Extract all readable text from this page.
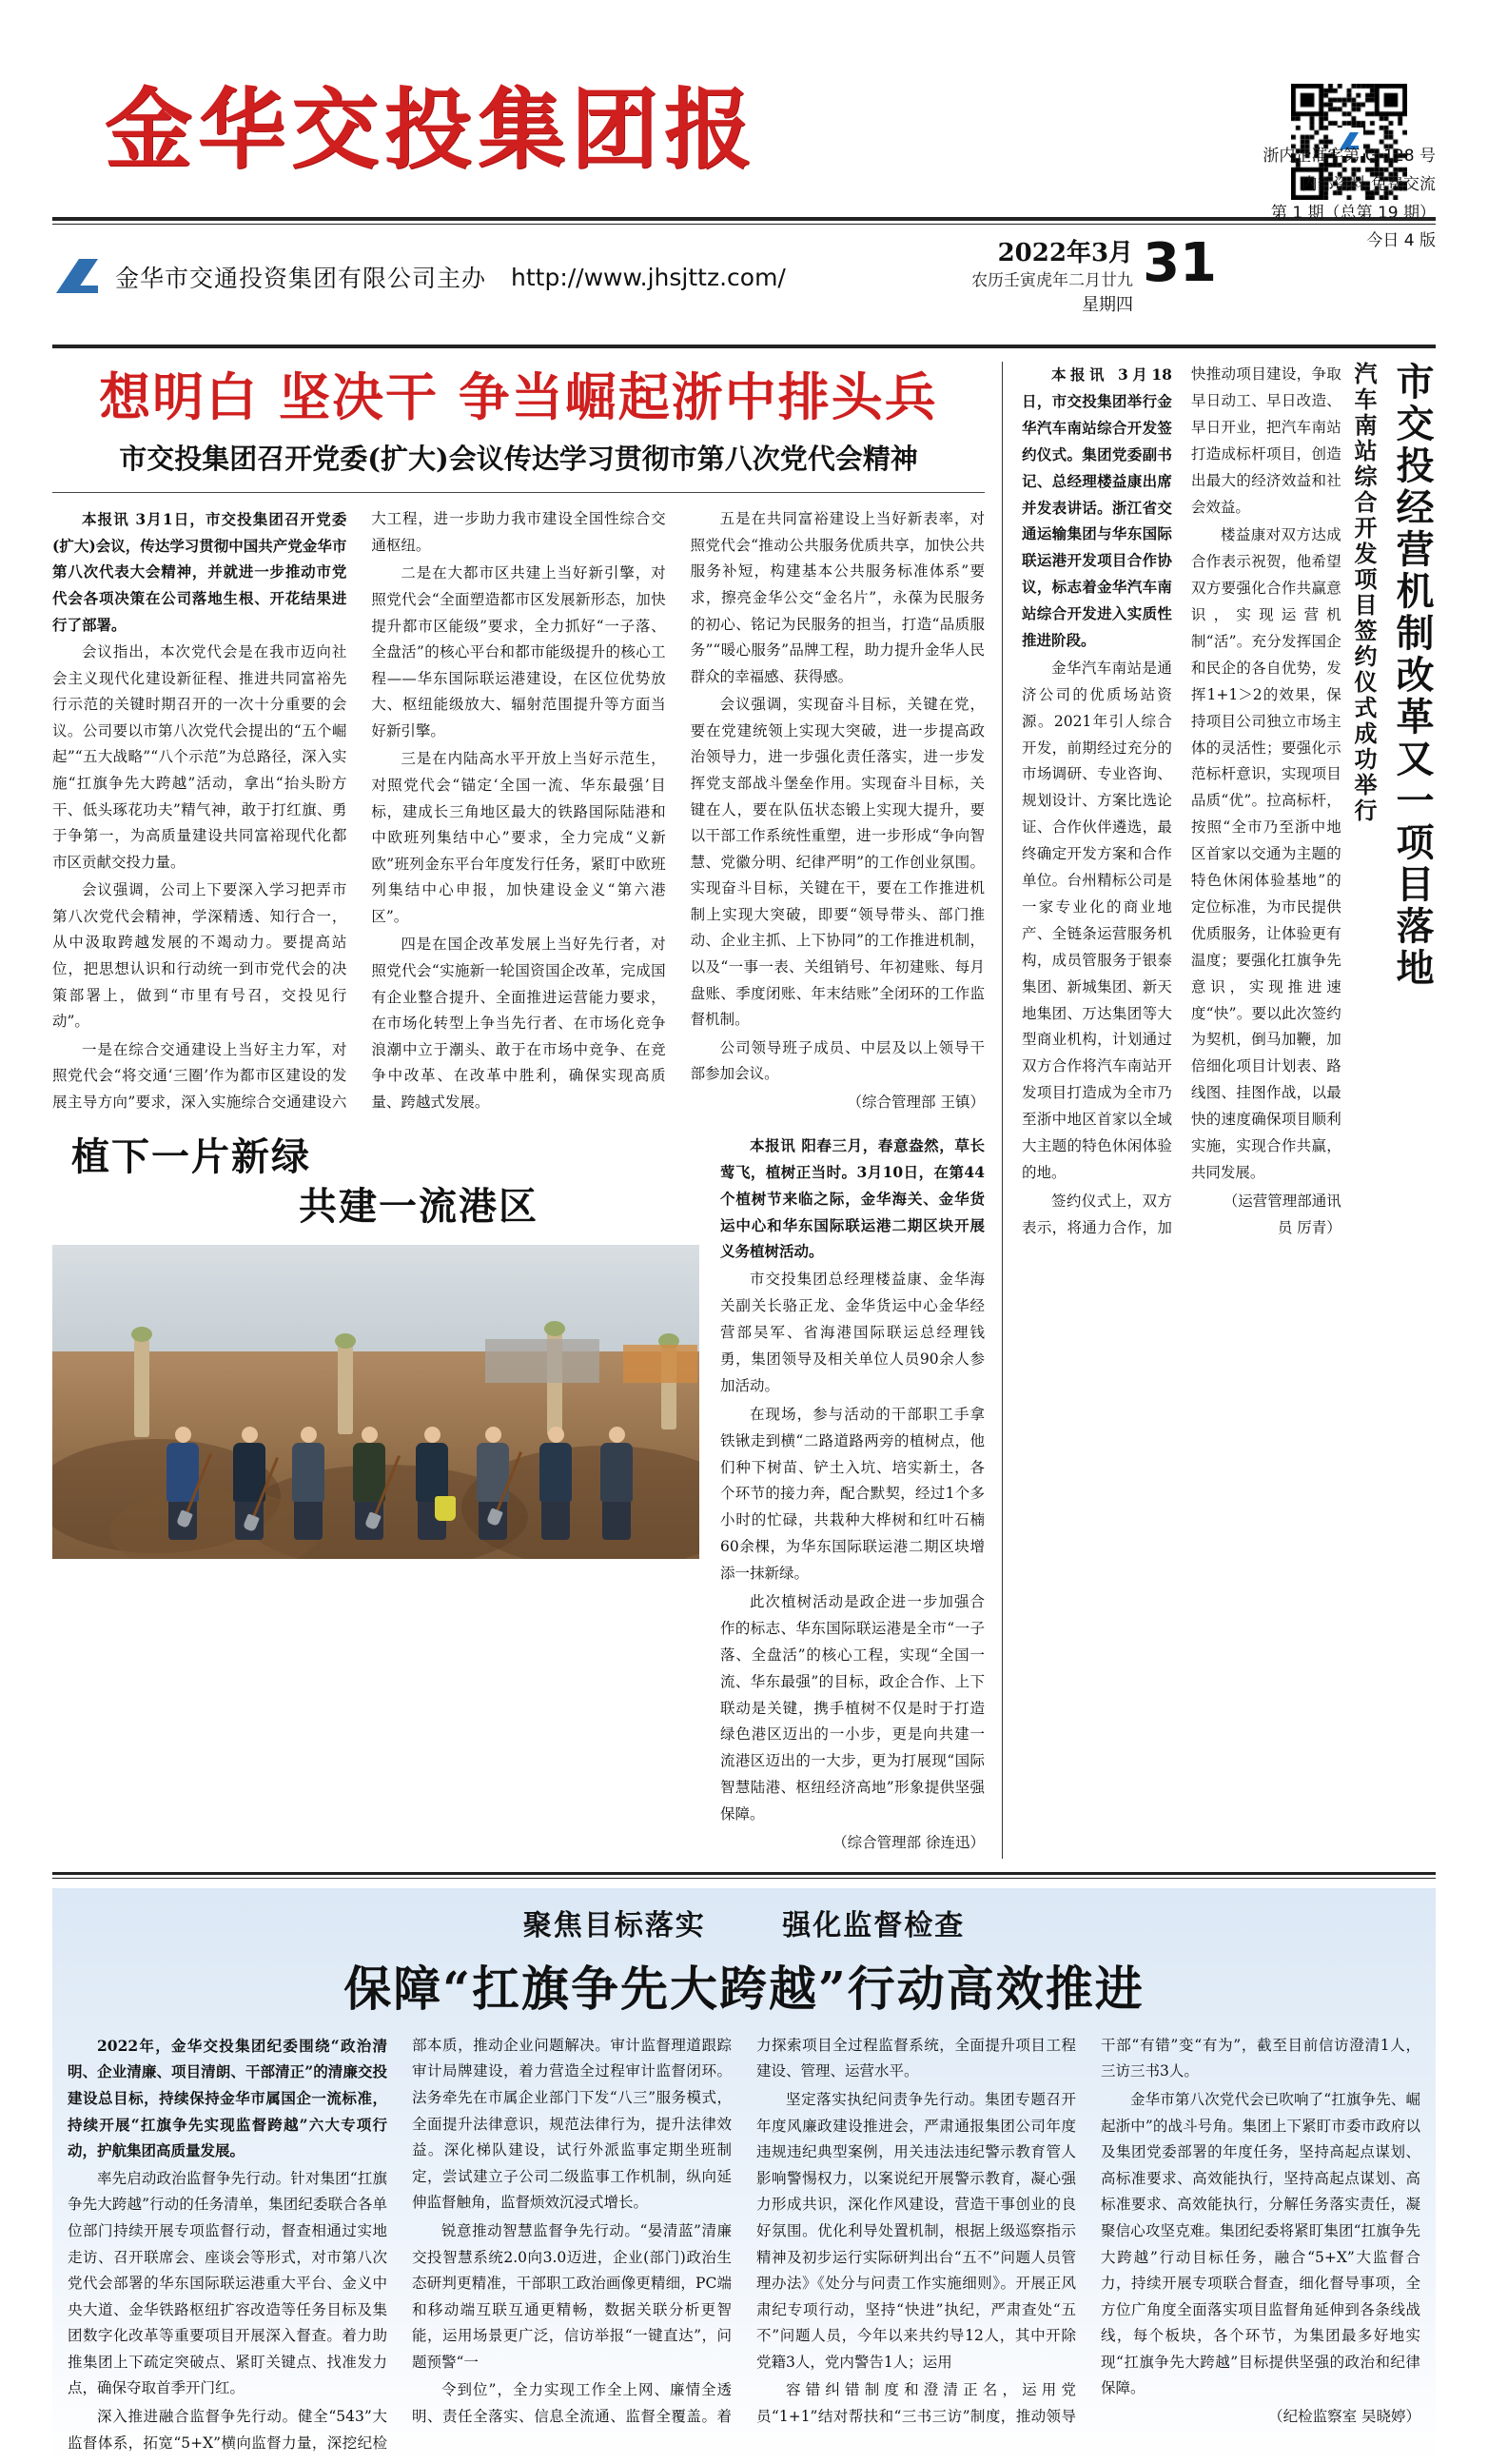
金华交投集团报
金华市交通投资集团有限公司主办 http://www.jhsjttz.com/
2022年3月
农历壬寅虎年二月廿九
星期四
31
浙内企准字第 G-128 号
内部资料 免费交流
第 1 期（总第 19 期）
今日 4 版
想明白 坚决干 争当崛起浙中排头兵
市交投集团召开党委(扩大)会议传达学习贯彻市第八次党代会精神

本报讯 3月1日，市交投集团召开党委(扩大)会议，传达学习贯彻中国共产党金华市第八次代表大会精神，并就进一步推动市党代会各项决策在公司落地生根、开花结果进行了部署。

会议指出，本次党代会是在我市迈向社会主义现代化建设新征程、推进共同富裕先行示范的关键时期召开的一次十分重要的会议。公司要以市第八次党代会提出的“五个崛起”“五大战略”“八个示范”为总路径，深入实施“扛旗争先大跨越”活动，拿出“抬头盼方干、低头琢花功夫”精气神，敢于打红旗、勇于争第一，为高质量建设共同富裕现代化都市区贡献交投力量。

会议强调，公司上下要深入学习把弄市第八次党代会精神，学深精透、知行合一，从中汲取跨越发展的不竭动力。要提高站位，把思想认识和行动统一到市党代会的决策部署上，做到“市里有号召，交投见行动”。

一是在综合交通建设上当好主力军，对照党代会“将交通‘三圈’作为都市区建设的发展主导方向”要求，深入实施综合交通建设六大工程，进一步助力我市建设全国性综合交通枢纽。

二是在大都市区共建上当好新引擎，对照党代会“全面塑造都市区发展新形态，加快提升都市区能级”要求，全力抓好“一子落、全盘活”的核心平台和都市能级提升的核心工程——华东国际联运港建设，在区位优势放大、枢纽能级放大、辐射范围提升等方面当好新引擎。

三是在内陆高水平开放上当好示范生，对照党代会“锚定‘全国一流、华东最强’目标，建成长三角地区最大的铁路国际陆港和中欧班列集结中心”要求，全力完成“义新欧”班列金东平台年度发行任务，紧盯中欧班列集结中心申报，加快建设金义“第六港区”。

四是在国企改革发展上当好先行者，对照党代会“实施新一轮国资国企改革，完成国有企业整合提升、全面推进运营能力要求，在市场化转型上争当先行者、在市场化竞争浪潮中立于潮头、敢于在市场中竞争、在竞争中改革、在改革中胜利，确保实现高质量、跨越式发展。

五是在共同富裕建设上当好新表率，对照党代会“推动公共服务优质共享，加快公共服务补短，构建基本公共服务标准体系”要求，擦亮金华公交“金名片”，永葆为民服务的初心、铭记为民服务的担当，打造“品质服务”“暖心服务”品牌工程，助力提升金华人民群众的幸福感、获得感。

会议强调，实现奋斗目标，关键在党，要在党建统领上实现大突破，进一步提高政治领导力，进一步强化责任落实，进一步发挥党支部战斗堡垒作用。实现奋斗目标，关键在人，要在队伍状态锻上实现大提升，要以干部工作系统性重塑，进一步形成“争向智慧、党徽分明、纪律严明”的工作创业氛围。实现奋斗目标，关键在干，要在工作推进机制上实现大突破，即要“领导带头、部门推动、企业主抓、上下协同”的工作推进机制，以及“一事一表、关组销号、年初建账、每月盘账、季度闭账、年末结账”全闭环的工作监督机制。

公司领导班子成员、中层及以上领导干部参加会议。

（综合管理部 王镇）

植下一片新绿
共建一流港区

本报讯 阳春三月，春意盎然，草长莺飞，植树正当时。3月10日，在第44个植树节来临之际，金华海关、金华货运中心和华东国际联运港二期区块开展义务植树活动。

市交投集团总经理楼益康、金华海关副关长骆正龙、金华货运中心金华经营部吴军、省海港国际联运总经理钱勇，集团领导及相关单位人员90余人参加活动。

在现场，参与活动的干部职工手拿铁锹走到横“二路道路两旁的植树点，他们种下树苗、铲土入坑、培实新土，各个环节的接力奔，配合默契，经过1个多小时的忙碌，共栽种大桦树和红叶石楠60余棵，为华东国际联运港二期区块增添一抹新绿。

此次植树活动是政企进一步加强合作的标志、华东国际联运港是全市“一子落、全盘活”的核心工程，实现“全国一流、华东最强”的目标，政企合作、上下联动是关键，携手植树不仅是时于打造绿色港区迈出的一小步，更是向共建一流港区迈出的一大步，更为打展现“国际智慧陆港、枢纽经济高地”形象提供坚强保障。

（综合管理部 徐连迅）

市交投经营机制改革又一项目落地
汽车南站综合开发项目签约仪式成功举行

本报讯 3月18日，市交投集团举行金华汽车南站综合开发签约仪式。集团党委副书记、总经理楼益康出席并发表讲话。浙江省交通运输集团与华东国际联运港开发项目合作协议，标志着金华汽车南站综合开发进入实质性推进阶段。

金华汽车南站是通济公司的优质场站资源。2021年引人综合开发，前期经过充分的市场调研、专业咨询、规划设计、方案比选论证、合作伙伴遴选，最终确定开发方案和合作单位。台州精标公司是一家专业化的商业地产、全链条运营服务机构，成员管服务于银泰集团、新城集团、新天地集团、万达集团等大型商业机构，计划通过双方合作将汽车南站开发项目打造成为全市乃至浙中地区首家以全域大主题的特色休闲体验的地。

签约仪式上，双方表示，将通力合作，加快推动项目建设，争取早日动工、早日改造、早日开业，把汽车南站打造成标杆项目，创造出最大的经济效益和社会效益。

楼益康对双方达成合作表示祝贺，他希望双方要强化合作共赢意识，实现运营机制“活”。充分发挥国企和民企的各自优势，发挥1+1＞2的效果，保持项目公司独立市场主体的灵活性；要强化示范标杆意识，实现项目品质“优”。拉高标杆，按照“全市乃至浙中地区首家以交通为主题的特色休闲体验基地”的定位标准，为市民提供优质服务，让体验更有温度；要强化扛旗争先意识，实现推进速度“快”。要以此次签约为契机，倒马加鞭，加倍细化项目计划表、路线图、挂图作战，以最快的速度确保项目顺利实施，实现合作共赢，共同发展。

（运营管理部通讯员 厉青）

聚焦目标落实	强化监督检查
保障“扛旗争先大跨越”行动高效推进

2022年，金华交投集团纪委围绕“政治清明、企业清廉、项目清朗、干部清正”的清廉交投建设总目标，持续保持金华市属国企一流标准，持续开展“扛旗争先实现监督跨越”六大专项行动，护航集团高质量发展。

率先启动政治监督争先行动。针对集团“扛旗争先大跨越”行动的任务清单，集团纪委联合各单位部门持续开展专项监督行动，督查相通过实地走访、召开联席会、座谈会等形式，对市第八次党代会部署的华东国际联运港重大平台、金义中央大道、金华铁路枢纽扩容改造等任务目标及集团数字化改革等重要项目开展深入督查。着力助推集团上下疏定突破点、紧盯关键点、找准发力点，确保夺取首季开门红。

深入推进融合监督争先行动。健全“543”大监督体系，拓宽“5+X”横向监督力量，深挖纪检部本质，推动企业问题解决。审计监督理道跟踪审计局牌建设，着力营造全过程审计监督闭环。法务牵先在市属企业部门下发“八三”服务模式，全面提升法律意识，规范法律行为，提升法律效益。深化梯队建设，试行外派监事定期坐班制定，尝试建立子公司二级监事工作机制，纵向延伸监督触角，监督烦效沉浸式增长。

锐意推动智慧监督争先行动。“晏清蓝”清廉交投智慧系统2.0向3.0迈进，企业(部门)政治生态研判更精准，干部职工政治画像更精细，PC端和移动端互联互通更精畅，数据关联分析更智能，运用场景更广泛，信访举报“一键直达”，问题预警“一

令到位”，全力实现工作全上网、廉情全透明、责任全落实、信息全流通、监督全覆盖。着力探索项目全过程监督系统，全面提升项目工程建设、管理、运营水平。

坚定落实执纪问责争先行动。集团专题召开年度风廉政建设推进会，严肃通报集团公司年度违规违纪典型案例，用关违法违纪警示教育管人影响警惕权力，以案说纪开展警示教育，凝心强力形成共识，深化作风建设，营造干事创业的良好氛围。优化利导处置机制，根据上级巡察指示精神及初步运行实际研判出台“五不”问题人员管理办法》《处分与问责工作实施细则》。开展正风肃纪专项行动，坚持“快进”执纪，严肃查处“五不”问题人员，今年以来共约导12人，其中开除党籍3人，党内警告1人；运用

容错纠错制度和澄清正名，运用党员“1+1”结对帮扶和“三书三访”制度，推动领导干部“有错”变“有为”，截至目前信访澄清1人，三访三书3人。

金华市第八次党代会已吹响了“扛旗争先、崛起浙中”的战斗号角。集团上下紧盯市委市政府以及集团党委部署的年度任务，坚持高起点谋划、高标准要求、高效能执行，坚持高起点谋划、高标准要求、高效能执行，分解任务落实责任，凝聚信心攻坚克难。集团纪委将紧盯集团“扛旗争先大跨越”行动目标任务，融合“5+X”大监督合力，持续开展专项联合督查，细化督导事项，全方位广角度全面落实项目监督角延伸到各条线战线，每个板块，各个环节，为集团最多好地实现“扛旗争先大跨越”目标提供坚强的政治和纪律保障。

（纪检监察室 吴晓婷）
